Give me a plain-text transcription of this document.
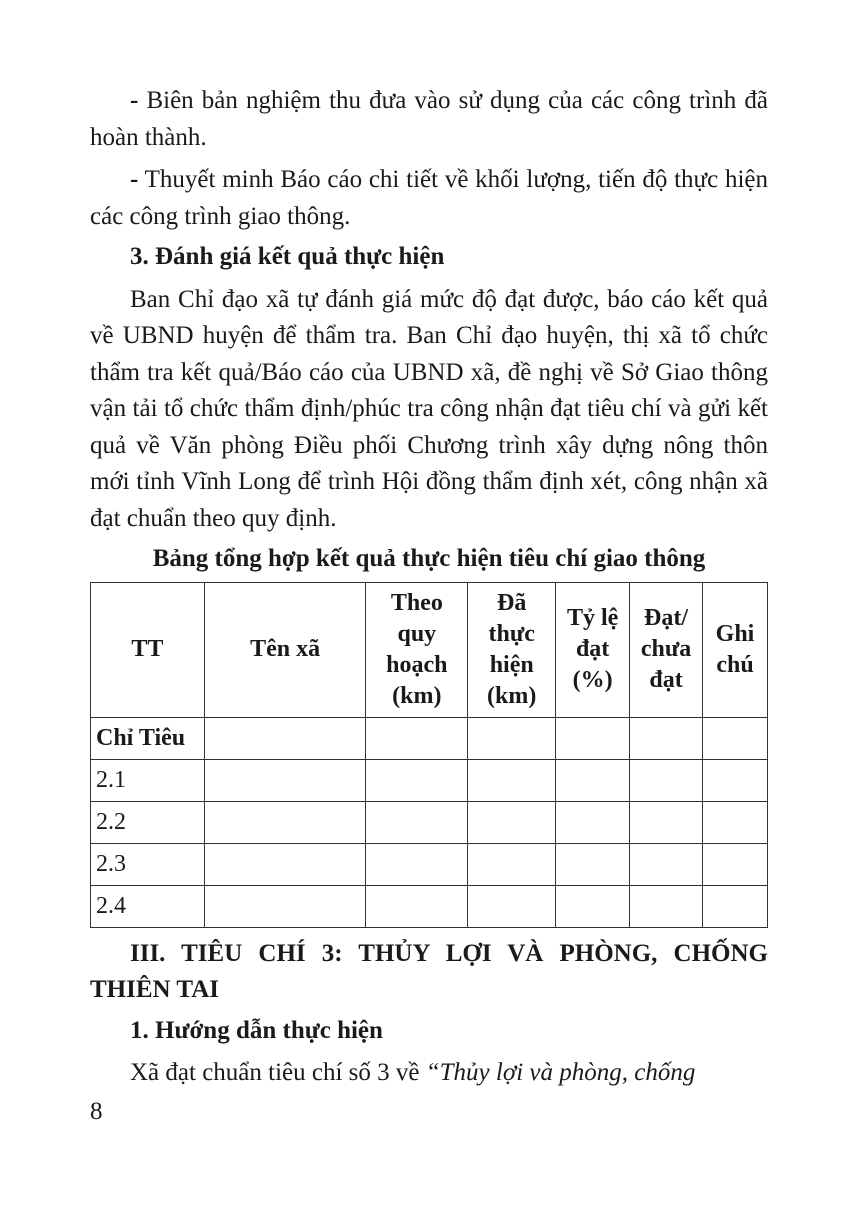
- Biên bản nghiệm thu đưa vào sử dụng của các công trình đã hoàn thành.

- Thuyết minh Báo cáo chi tiết về khối lượng, tiến độ thực hiện các công trình giao thông.

3. Đánh giá kết quả thực hiện

Ban Chỉ đạo xã tự đánh giá mức độ đạt được, báo cáo kết quả về UBND huyện để thẩm tra. Ban Chỉ đạo huyện, thị xã tổ chức thẩm tra kết quả/Báo cáo của UBND xã, đề nghị về Sở Giao thông vận tải tổ chức thẩm định/phúc tra công nhận đạt tiêu chí và gửi kết quả về Văn phòng Điều phối Chương trình xây dựng nông thôn mới tỉnh Vĩnh Long để trình Hội đồng thẩm định xét, công nhận xã đạt chuẩn theo quy định.

Bảng tổng hợp kết quả thực hiện tiêu chí giao thông

TT	Tên xã	Theo quy hoạch (km)	Đã thực hiện (km)	Tỷ lệ đạt (%)	Đạt/ chưa đạt	Ghi chú
Chỉ Tiêu						
2.1						
2.2						
2.3						
2.4						

III. TIÊU CHÍ 3: THỦY LỢI VÀ PHÒNG, CHỐNG THIÊN TAI

1. Hướng dẫn thực hiện

Xã đạt chuẩn tiêu chí số 3 về “Thủy lợi và phòng, chống

8
